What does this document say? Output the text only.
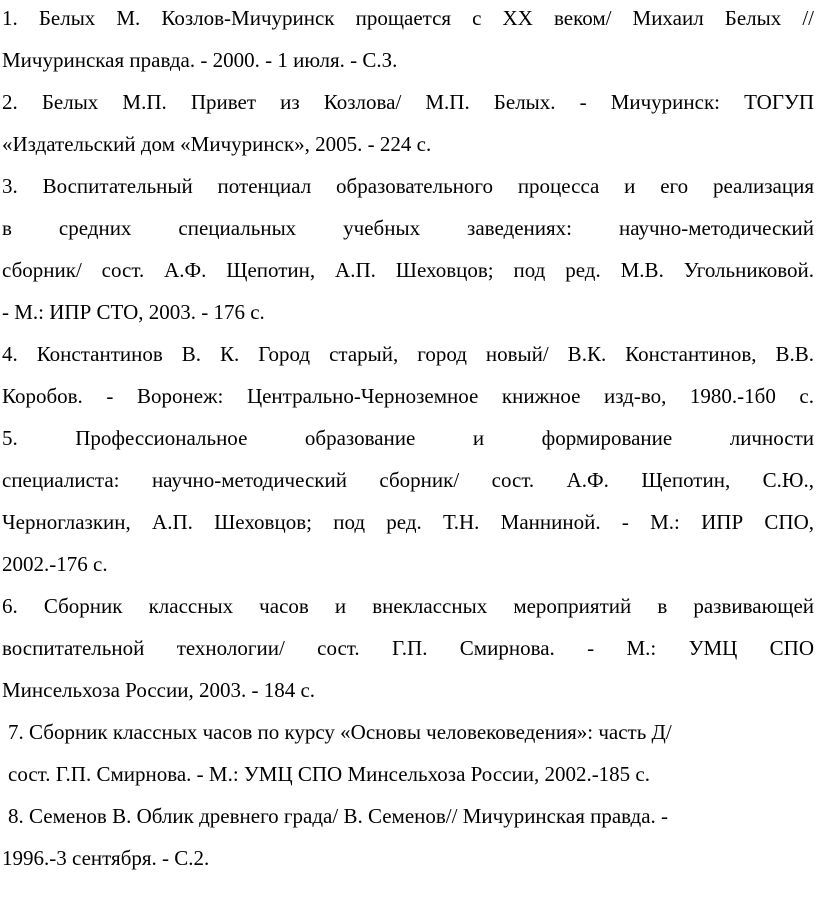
1. Белых М. Козлов-Мичуринск прощается с XX веком/ Михаил Белых //
Мичуринская правда. - 2000. - 1 июля. - С.З.
2. Белых М.П. Привет из Козлова/ М.П. Белых. - Мичуринск: ТОГУП
«Издательский дом «Мичуринск», 2005. - 224 с.
3. Воспитательный потенциал образовательного процесса и его реализация
в средних специальных учебных заведениях: научно-методический
сборник/ сост. А.Ф. Щепотин, А.П. Шеховцов; под ред. М.В. Угольниковой.
- М.: ИПР СТО, 2003. - 176 с.
4. Константинов В. К. Город старый, город новый/ В.К. Константинов, В.В.
Коробов. - Воронеж: Центрально-Черноземное книжное изд-во, 1980.-1б0 с.
5. Профессиональное образование и формирование личности
специалиста: научно-методический сборник/ сост. А.Ф. Щепотин, С.Ю.,
Черноглазкин, А.П. Шеховцов; под ред. Т.Н. Манниной. - М.: ИПР СПО,
2002.-176 с.
6. Сборник классных часов и внеклассных мероприятий в развивающей
воспитательной технологии/ сост. Г.П. Смирнова. - М.: УМЦ СПО
Минсельхоза России, 2003. - 184 с.
7. Сборник классных часов по курсу «Основы человековедения»: часть Д/
сост. Г.П. Смирнова. - М.: УМЦ СПО Минсельхоза России, 2002.-185 с.
8. Семенов В. Облик древнего града/ В. Семенов// Мичуринская правда. -
1996.-3 сентября. - С.2.
